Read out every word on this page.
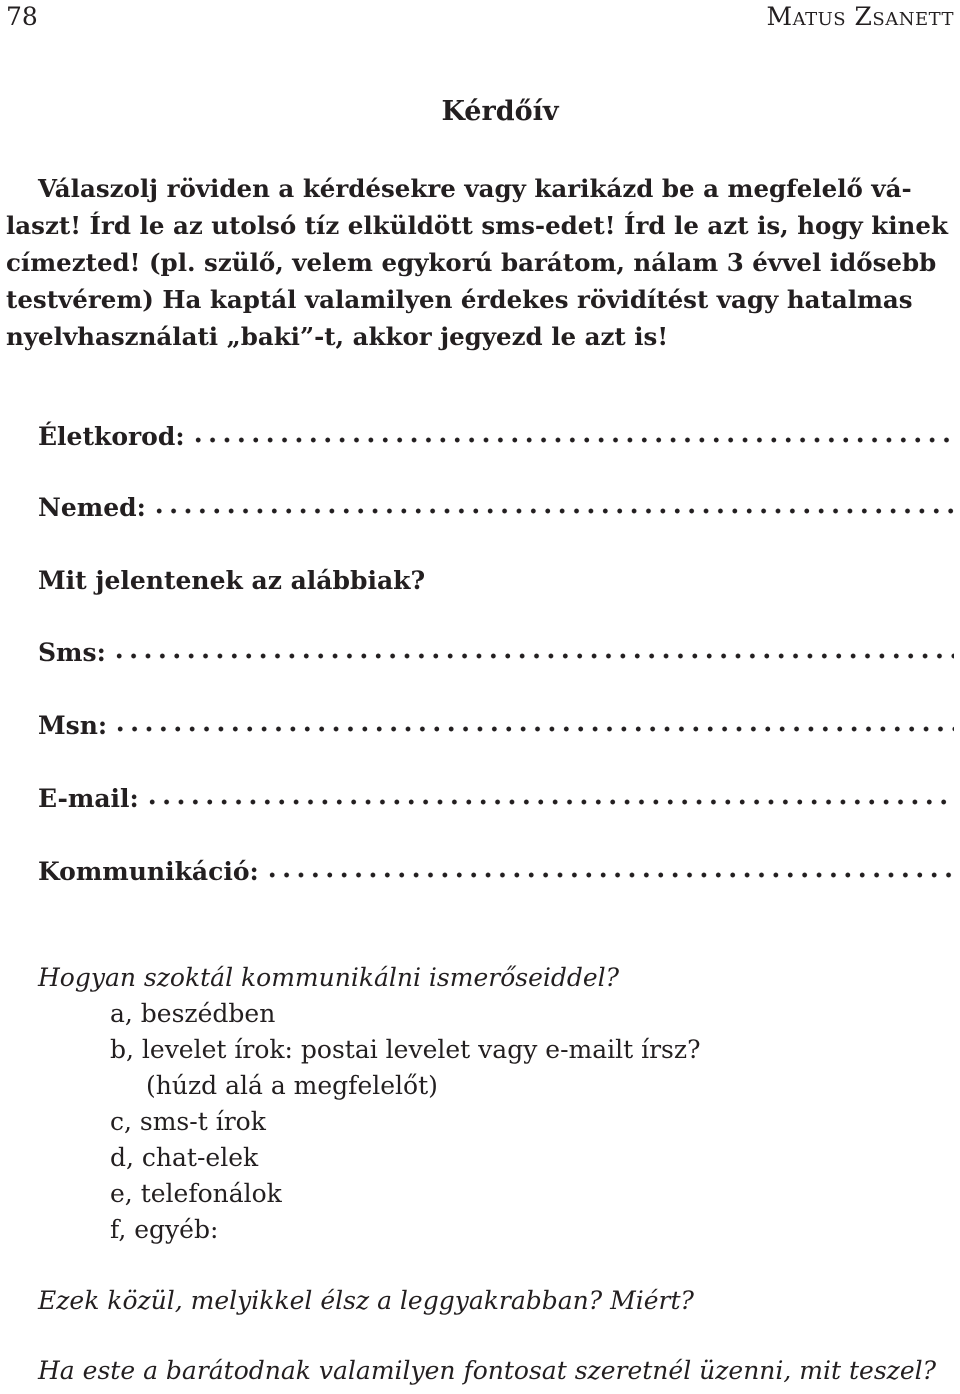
78	Matus Zsanett
Kérdőív
Válaszolj röviden a kérdésekre vagy karikázd be a megfelelő vá-
laszt! Írd le az utolsó tíz elküldött sms-edet! Írd le azt is, hogy kinek
címezted! (pl. szülő, velem egykorú barátom, nálam 3 évvel idősebb
testvérem) Ha kaptál valamilyen érdekes rövidítést vagy hatalmas
nyelvhasználati „baki”-t, akkor jegyezd le azt is!
Életkorod:
Nemed:
Mit jelentenek az alábbiak?
Sms:
Msn:
E-mail:
Kommunikáció:
Hogyan szoktál kommunikálni ismerőseiddel?
a, beszédben
b, levelet írok: postai levelet vagy e-mailt írsz?
(húzd alá a megfelelőt)
c, sms-t írok
d, chat-elek
e, telefonálok
f, egyéb:
Ezek közül, melyikkel élsz a leggyakrabban? Miért?
Ha este a barátodnak valamilyen fontosat szeretnél üzenni, mit teszel?
